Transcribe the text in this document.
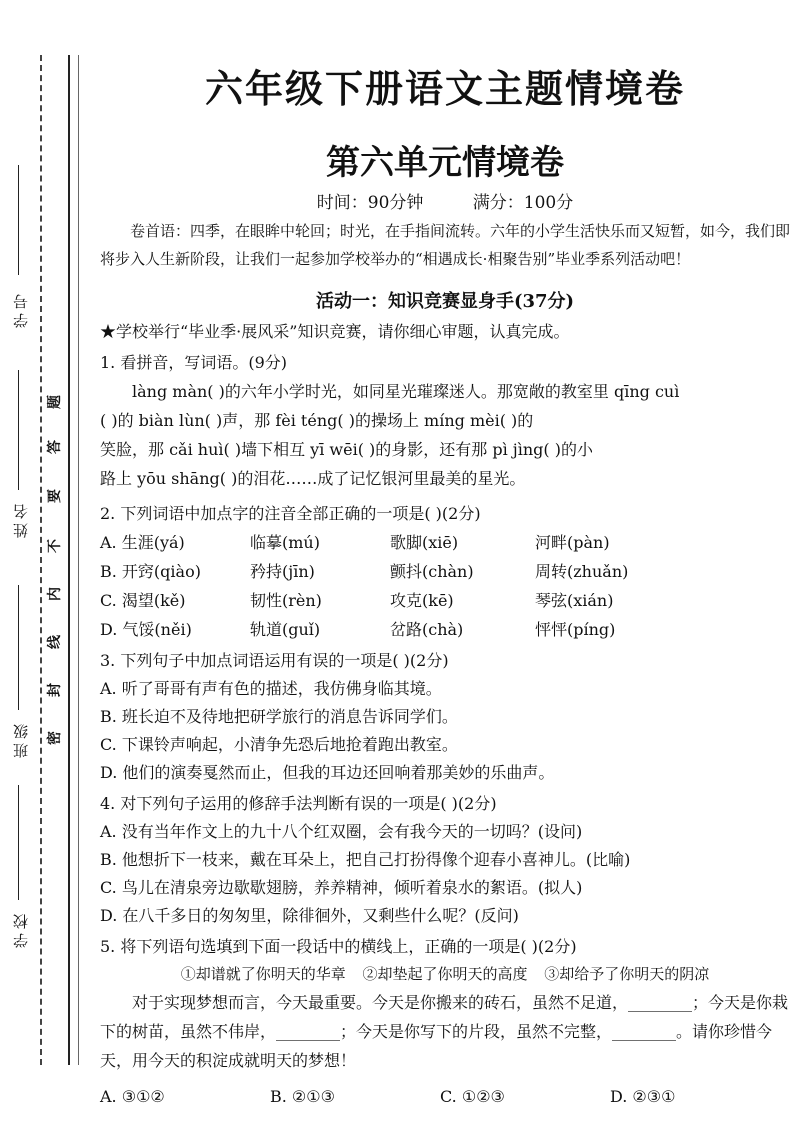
学号
姓名
班级
学校
题
答
要
不
内
线
封
密
六年级下册语文主题情境卷
第六单元情境卷
时间：90分钟	满分：100分
卷首语：四季，在眼眸中轮回；时光，在手指间流转。六年的小学生活快乐而又短暂，如今，我们即将步入人生新阶段，让我们一起参加学校举办的“相遇成长·相聚告别”毕业季系列活动吧！
活动一：知识竞赛显身手(37分)
★学校举行“毕业季·展风采”知识竞赛，请你细心审题，认真完成。
1. 看拼音，写词语。(9分)
làng màn( )的六年小学时光，如同星光璀璨迷人。那宽敞的教室里 qīng cuì
( )的 biàn lùn( )声，那 fèi téng( )的操场上 míng mèi( )的
笑脸，那 cǎi huì( )墙下相互 yī wēi( )的身影，还有那 pì jìng( )的小
路上 yōu shāng( )的泪花……成了记忆银河里最美的星光。
2. 下列词语中加点字的注音全部正确的一项是( )(2分)
A. 生涯(yá)	临摹(mú)	歌脚(xiē)	河畔(pàn)
B. 开窍(qiào)	矜持(jīn)	颤抖(chàn)	周转(zhuǎn)
C. 渴望(kě)	韧性(rèn)	攻克(kē)	琴弦(xián)
D. 气馁(něi)	轨道(guǐ)	岔路(chà)	怦怦(píng)
3. 下列句子中加点词语运用有误的一项是( )(2分)
A. 听了哥哥有声有色的描述，我仿佛身临其境。
B. 班长迫不及待地把研学旅行的消息告诉同学们。
C. 下课铃声响起，小清争先恐后地抢着跑出教室。
D. 他们的演奏戛然而止，但我的耳边还回响着那美妙的乐曲声。
4. 对下列句子运用的修辞手法判断有误的一项是( )(2分)
A. 没有当年作文上的九十八个红双圈，会有我今天的一切吗？(设问)
B. 他想折下一枝来，戴在耳朵上，把自己打扮得像个迎春小喜神儿。(比喻)
C. 鸟儿在清泉旁边歇歇翅膀，养养精神，倾听着泉水的絮语。(拟人)
D. 在八千多日的匆匆里，除徘徊外，又剩些什么呢？(反问)
5. 将下列语句选填到下面一段话中的横线上，正确的一项是( )(2分)
①却谱就了你明天的华章 ②却垫起了你明天的高度 ③却给予了你明天的阴凉
对于实现梦想而言，今天最重要。今天是你搬来的砖石，虽然不足道，________；今天是你栽下的树苗，虽然不伟岸，________；今天是你写下的片段，虽然不完整，________。请你珍惜今天，用今天的积淀成就明天的梦想！
A. ③①②	B. ②①③	C. ①②③	D. ②③①
